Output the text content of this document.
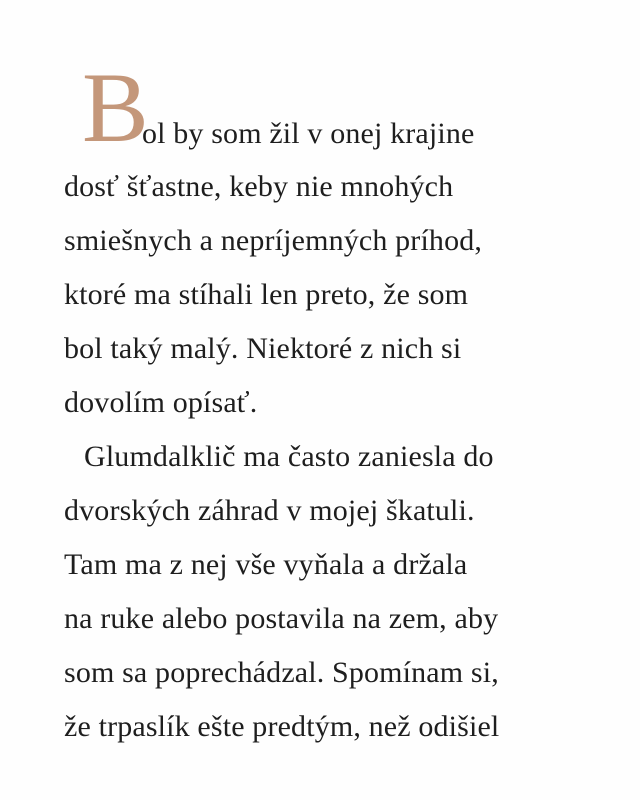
B
ol by som žil v onej krajine
dosť šťastne, keby nie mnohých
smiešnych a nepríjemných príhod,
ktoré ma stíhali len preto, že som
bol taký malý. Niektoré z nich si
dovolím opísať.
Glumdalklič ma často zaniesla do
dvorských záhrad v mojej škatuli.
Tam ma z nej vše vyňala a držala
na ruke alebo postavila na zem, aby
som sa poprechádzal. Spomínam si,
že trpaslík ešte predtým, než odišiel
